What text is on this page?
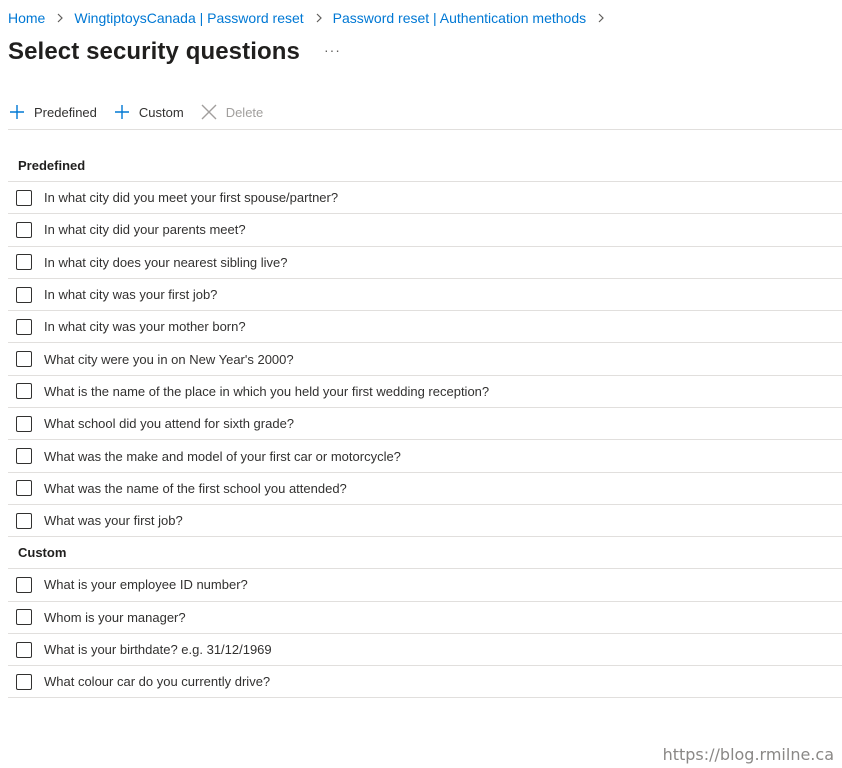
Home WingtiptoysCanada | Password reset Password reset | Authentication methods
Select security questions ···
Predefined	Custom	Delete
Predefined
In what city did you meet your first spouse/partner?
In what city did your parents meet?
In what city does your nearest sibling live?
In what city was your first job?
In what city was your mother born?
What city were you in on New Year's 2000?
What is the name of the place in which you held your first wedding reception?
What school did you attend for sixth grade?
What was the make and model of your first car or motorcycle?
What was the name of the first school you attended?
What was your first job?
Custom
What is your employee ID number?
Whom is your manager?
What is your birthdate? e.g. 31/12/1969
What colour car do you currently drive?
https://blog.rmilne.ca
